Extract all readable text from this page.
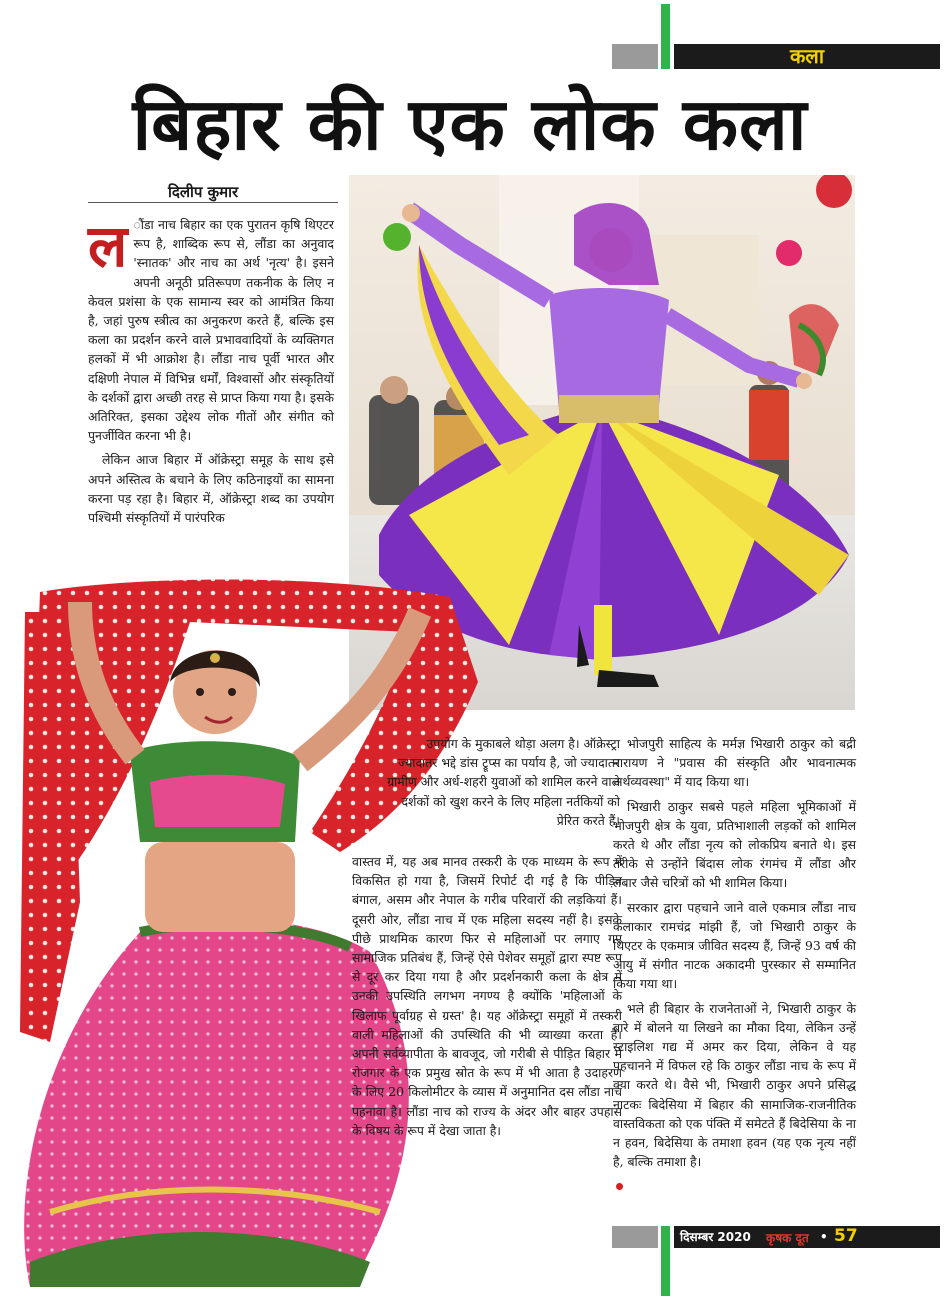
कला
बिहार की एक लोक कला
दिलीप कुमार
ल ौंडा नाच बिहार का एक पुरातन कृषि थिएटर रूप है, शाब्दिक रूप से, लौंडा का अनुवाद 'स्नातक' और नाच का अर्थ 'नृत्य' है। इसने अपनी अनूठी प्रतिरूपण तकनीक के लिए न केवल प्रशंसा के एक सामान्य स्वर को आमंत्रित किया है, जहां पुरुष स्त्रीत्व का अनुकरण करते हैं, बल्कि इस कला का प्रदर्शन करने वाले प्रभाववादियों के व्यक्तिगत हलकों में भी आक्रोश है। लौंडा नाच पूर्वी भारत और दक्षिणी नेपाल में विभिन्न धर्मों, विश्वासों और संस्कृतियों के दर्शकों द्वारा अच्छी तरह से प्राप्त किया गया है। इसके अतिरिक्त, इसका उद्देश्य लोक गीतों और संगीत को पुनर्जीवित करना भी है।

लेकिन आज बिहार में ऑक्रेस्ट्रा समूह के साथ इसे अपने अस्तित्व के बचाने के लिए कठिनाइयों का सामना करना पड़ रहा है। बिहार में, ऑक्रेस्ट्रा शब्द का उपयोग पश्चिमी संस्कृतियों में पारंपरिक

उपयोग के मुकाबले थोड़ा अलग है। ऑक्रेस्ट्रा ज्यादातर भद्दे डांस ट्रूप्स का पर्याय है, जो ज्यादातर ग्रामीण और अर्ध-शहरी युवाओं को शामिल करने वाले दर्शकों को खुश करने के लिए महिला नर्तकियों को प्रेरित करते हैं।

वास्तव में, यह अब मानव तस्करी के एक माध्यम के रूप में विकसित हो गया है, जिसमें रिपोर्ट दी गई है कि पीड़ित बंगाल, असम और नेपाल के गरीब परिवारों की लड़कियां हैं। दूसरी ओर, लौंडा नाच में एक महिला सदस्य नहीं है। इसके पीछे प्राथमिक कारण फिर से महिलाओं पर लगाए गए सामाजिक प्रतिबंध हैं, जिन्हें ऐसे पेशेवर समूहों द्वारा स्पष्ट रूप से दूर कर दिया गया है और प्रदर्शनकारी कला के क्षेत्र में उनकी उपस्थिति लगभग नगण्य है क्योंकि 'महिलाओं के खिलाफ पूर्वाग्रह से ग्रस्त' है। यह ऑक्रेस्ट्रा समूहों में तस्करी वाली महिलाओं की उपस्थिति की भी व्याख्या करता है। अपनी सर्वव्यापीता के बावजूद, जो गरीबी से पीड़ित बिहार में रोजगार के एक प्रमुख स्रोत के रूप में भी आता है उदाहरण के लिए 20 किलोमीटर के व्यास में अनुमानित दस लौंडा नाच पहनावा है। लौंडा नाच को राज्य के अंदर और बाहर उपहास के विषय के रूप में देखा जाता है।

भोजपुरी साहित्य के मर्मज्ञ भिखारी ठाकुर को बद्री नारायण ने "प्रवास की संस्कृति और भावनात्मक अर्थव्यवस्था" में याद किया था।

भिखारी ठाकुर सबसे पहले महिला भूमिकाओं में भोजपुरी क्षेत्र के युवा, प्रतिभाशाली लड़कों को शामिल करते थे और लौंडा नृत्य को लोकप्रिय बनाते थे। इस तरीके से उन्होंने बिंदास लोक रंगमंच में लौंडा और लबार जैसे चरित्रों को भी शामिल किया।

सरकार द्वारा पहचाने जाने वाले एकमात्र लौंडा नाच कलाकार रामचंद्र मांझी हैं, जो भिखारी ठाकुर के थिएटर के एकमात्र जीवित सदस्य हैं, जिन्हें 93 वर्ष की आयु में संगीत नाटक अकादमी पुरस्कार से सम्मानित किया गया था।

भले ही बिहार के राजनेताओं ने, भिखारी ठाकुर के बारे में बोलने या लिखने का मौका दिया, लेकिन उन्हें स्टाइलिश गद्य में अमर कर दिया, लेकिन वे यह पहचानने में विफल रहे कि ठाकुर लौंडा नाच के रूप में क्या करते थे। वैसे भी, भिखारी ठाकुर अपने प्रसिद्ध नाटकः बिदेसिया में बिहार की सामाजिक-राजनीतिक वास्तविकता को एक पंक्ति में समेटते हैं बिदेसिया के ना न हवन, बिदेसिया के तमाशा हवन (यह एक नृत्य नहीं है, बल्कि तमाशा है।

दिसम्बर 2020 कृषक दूत • 57
